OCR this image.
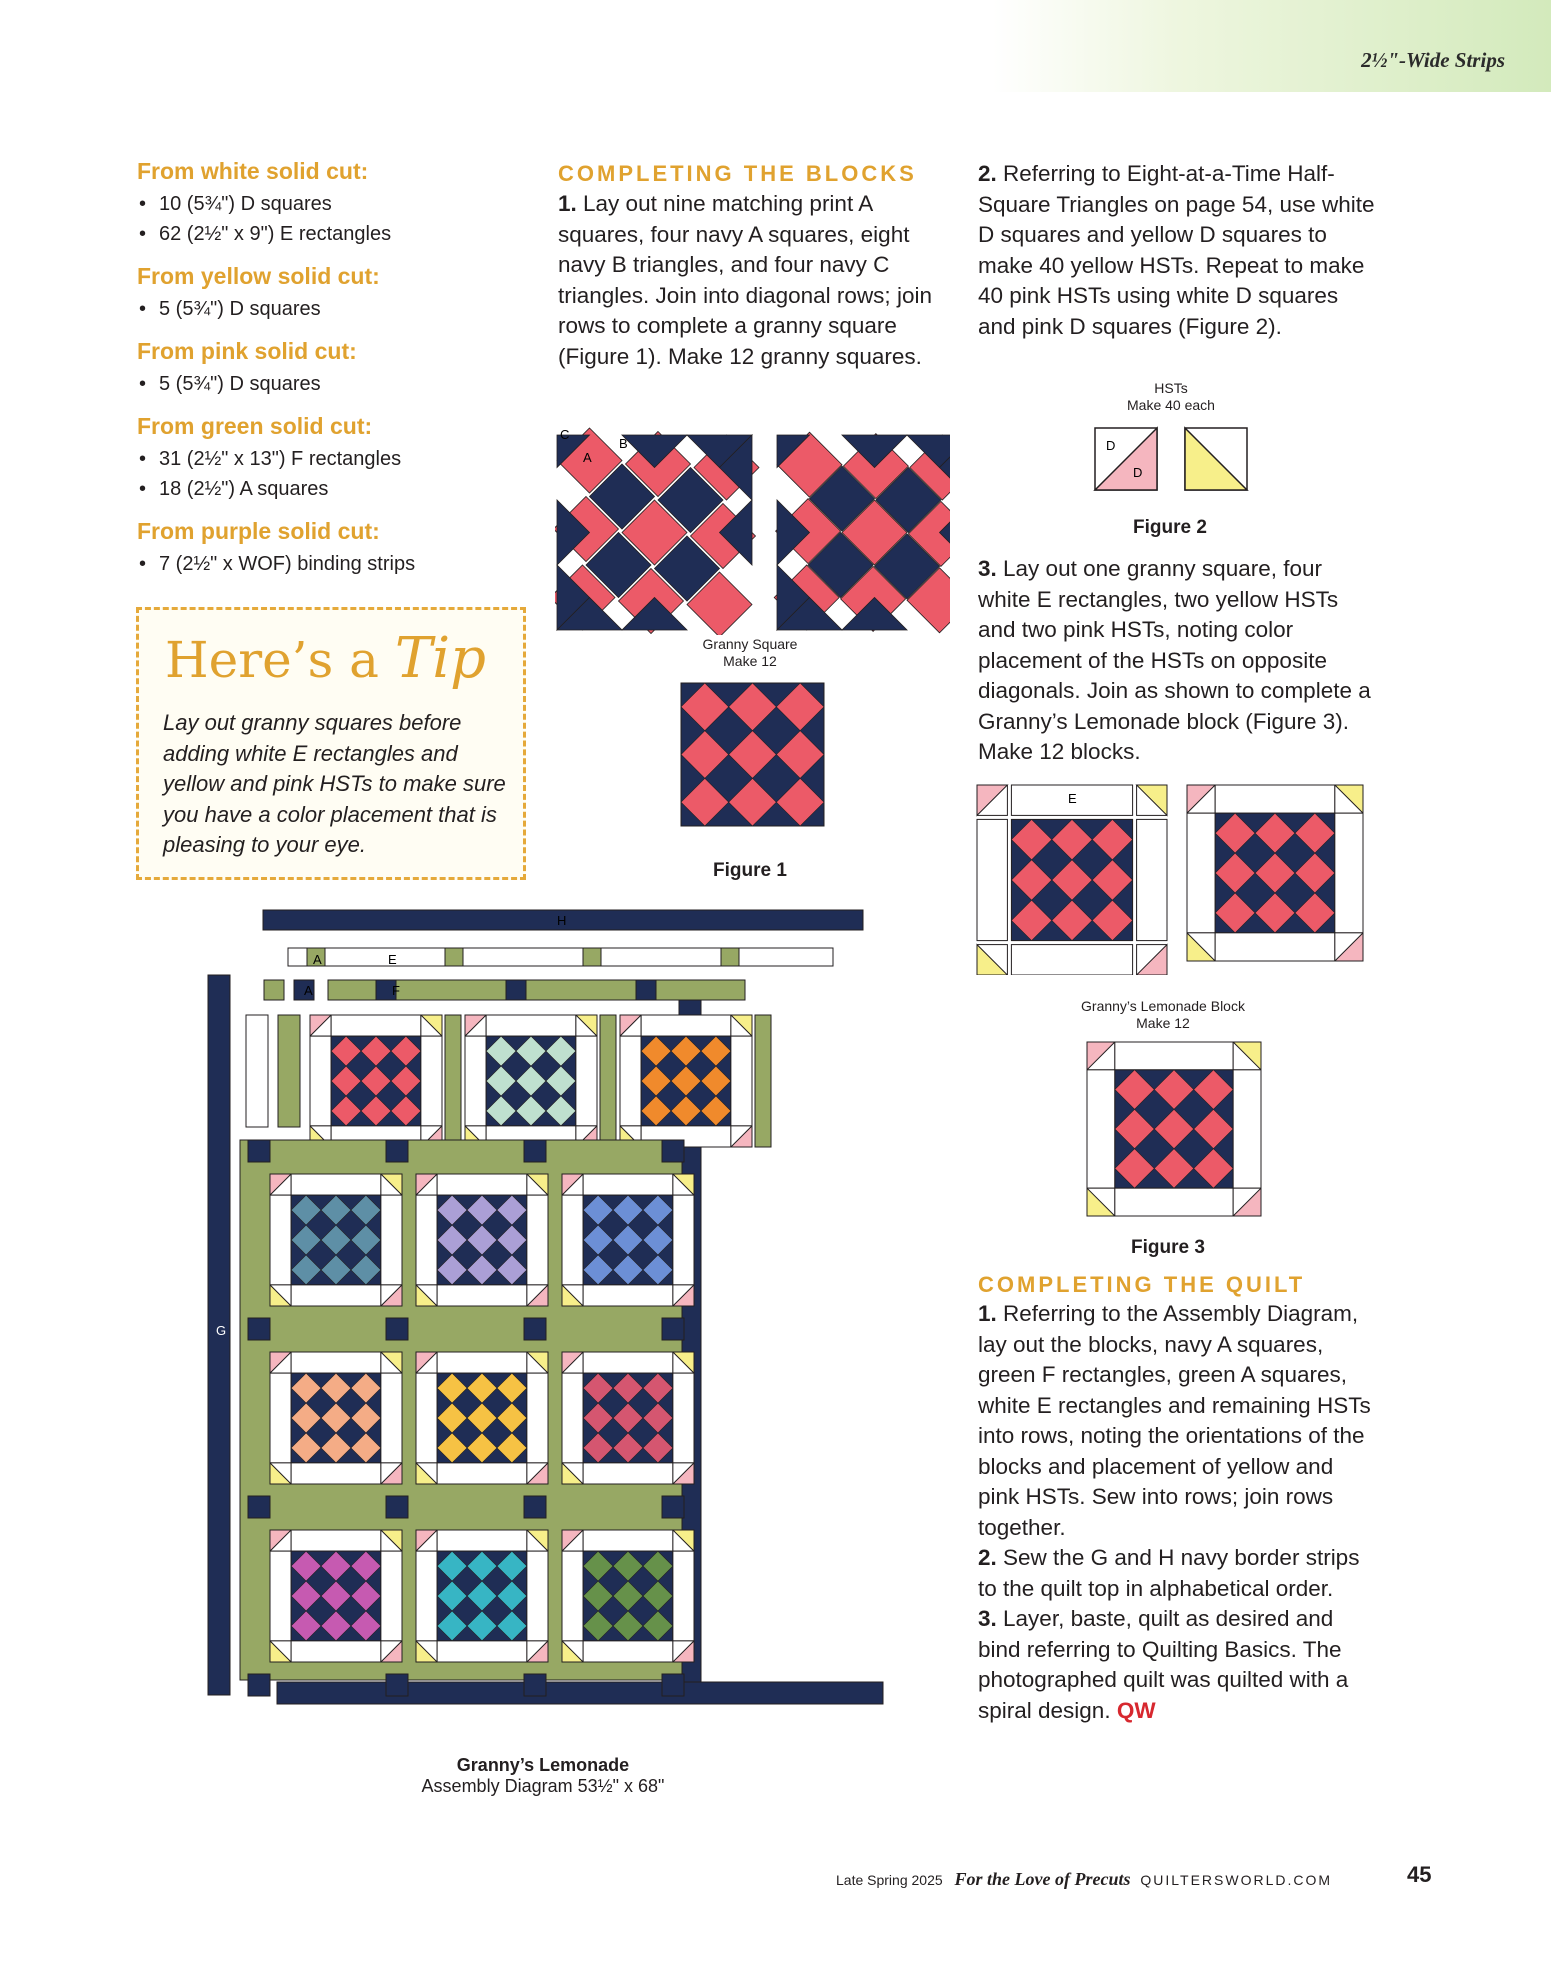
2½"-Wide Strips
From white solid cut:
• 10 (5¾") D squares
• 62 (2½" x 9") E rectangles
From yellow solid cut:
• 5 (5¾") D squares
From pink solid cut:
• 5 (5¾") D squares
From green solid cut:
• 31 (2½" x 13") F rectangles
• 18 (2½") A squares
From purple solid cut:
• 7 (2½" x WOF) binding strips
Here’s a Tip
Lay out granny squares before adding white E rectangles and yellow and pink HSTs to make sure you have a color placement that is pleasing to your eye.
COMPLETING THE BLOCKS
1. Lay out nine matching print A squares, four navy A squares, eight navy B triangles, and four navy C triangles. Join into diagonal rows; join rows to complete a granny square (Figure 1). Make 12 granny squares.
C
A
B
Granny Square
Make 12
Figure 1
2. Referring to Eight-at-a-Time Half-Square Triangles on page 54, use white D squares and yellow D squares to make 40 yellow HSTs. Repeat to make 40 pink HSTs using white D squares and pink D squares (Figure 2).
HSTs
Make 40 each
D
D
Figure 2
3. Lay out one granny square, four white E rectangles, two yellow HSTs and two pink HSTs, noting color placement of the HSTs on opposite diagonals. Join as shown to complete a Granny’s Lemonade block (Figure 3). Make 12 blocks.
E
Granny’s Lemonade Block
Make 12
Figure 3
COMPLETING THE QUILT
1. Referring to the Assembly Diagram, lay out the blocks, navy A squares, green F rectangles, green A squares, white E rectangles and remaining HSTs into rows, noting the orientations of the blocks and placement of yellow and pink HSTs. Sew into rows; join rows together.
2. Sew the G and H navy border strips to the quilt top in alphabetical order.
3. Layer, baste, quilt as desired and bind referring to Quilting Basics. The photographed quilt was quilted with a spiral design. QW
H
A	E
A	F
G
Granny’s Lemonade
Assembly Diagram 53½" x 68"
Late Spring 2025 For the Love of Precuts QUILTERSWORLD.COM	45
